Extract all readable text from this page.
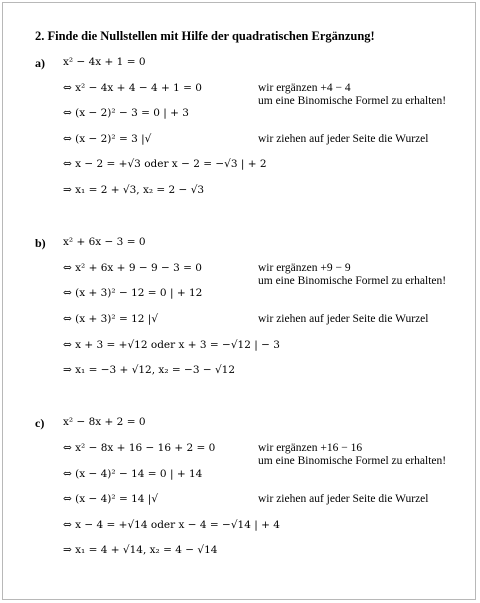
2. Finde die Nullstellen mit Hilfe der quadratischen Ergänzung!
a) x² − 4x + 1 = 0
⇔ x² − 4x + 4 − 4 + 1 = 0
⇔ (x − 2)² − 3 = 0 | + 3
⇔ (x − 2)² = 3 |√
⇔ x − 2 = +√3 oder x − 2 = −√3 | + 2
⇒ x₁ = 2 + √3, x₂ = 2 − √3
wir ergänzen +4 − 4
um eine Binomische Formel zu erhalten!
wir ziehen auf jeder Seite die Wurzel
b) x² + 6x − 3 = 0
⇔ x² + 6x + 9 − 9 − 3 = 0
⇔ (x + 3)² − 12 = 0 | + 12
⇔ (x + 3)² = 12 |√
⇔ x + 3 = +√12 oder x + 3 = −√12 | − 3
⇒ x₁ = −3 + √12, x₂ = −3 − √12
wir ergänzen +9 − 9
um eine Binomische Formel zu erhalten!
wir ziehen auf jeder Seite die Wurzel
c) x² − 8x + 2 = 0
⇔ x² − 8x + 16 − 16 + 2 = 0
⇔ (x − 4)² − 14 = 0 | + 14
⇔ (x − 4)² = 14 |√
⇔ x − 4 = +√14 oder x − 4 = −√14 | + 4
⇒ x₁ = 4 + √14, x₂ = 4 − √14
wir ergänzen +16 − 16
um eine Binomische Formel zu erhalten!
wir ziehen auf jeder Seite die Wurzel
